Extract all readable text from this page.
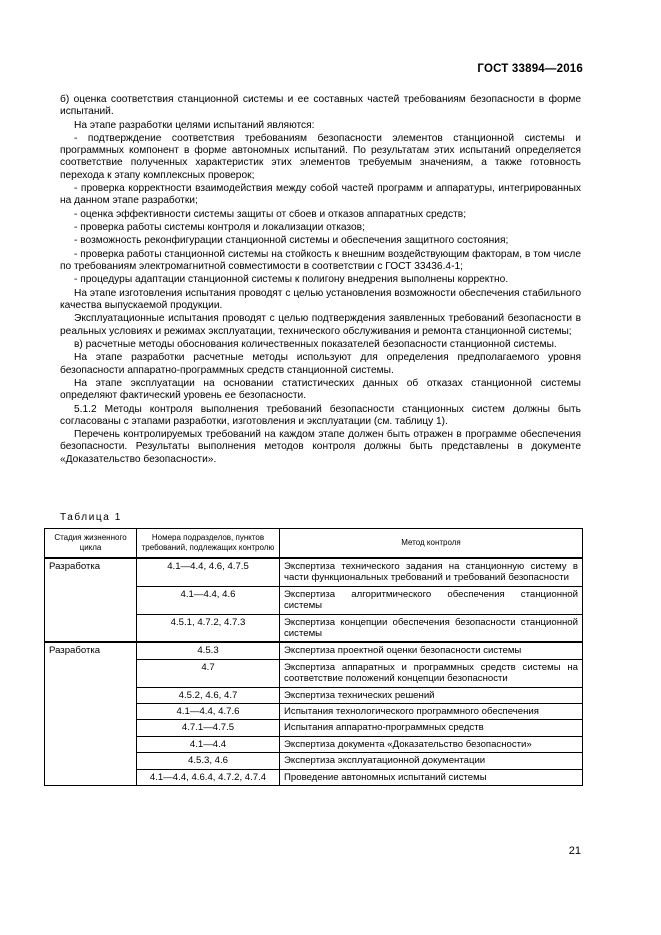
ГОСТ 33894—2016

б) оценка соответствия станционной системы и ее составных частей требованиям безопасности в форме испытаний.

На этапе разработки целями испытаний являются:

- подтверждение соответствия требованиям безопасности элементов станционной системы и программных компонент в форме автономных испытаний. По результатам этих испытаний определяется соответствие полученных характеристик этих элементов требуемым значениям, а также готовность перехода к этапу комплексных проверок;

- проверка корректности взаимодействия между собой частей программ и аппаратуры, интегрированных на данном этапе разработки;

- оценка эффективности системы защиты от сбоев и отказов аппаратных средств;

- проверка работы системы контроля и локализации отказов;

- возможность реконфигурации станционной системы и обеспечения защитного состояния;

- проверка работы станционной системы на стойкость к внешним воздействующим факторам, в том числе по требованиям электромагнитной совместимости в соответствии с ГОСТ 33436.4-1;

- процедуры адаптации станционной системы к полигону внедрения выполнены корректно.

На этапе изготовления испытания проводят с целью установления возможности обеспечения стабильного качества выпускаемой продукции.

Эксплуатационные испытания проводят с целью подтверждения заявленных требований безопасности в реальных условиях и режимах эксплуатации, технического обслуживания и ремонта станционной системы;

в) расчетные методы обоснования количественных показателей безопасности станционной системы.

На этапе разработки расчетные методы используют для определения предполагаемого уровня безопасности аппаратно-программных средств станционной системы.

На этапе эксплуатации на основании статистических данных об отказах станционной системы определяют фактический уровень ее безопасности.

5.1.2 Методы контроля выполнения требований безопасности станционных систем должны быть согласованы с этапами разработки, изготовления и эксплуатации (см. таблицу 1).

Перечень контролируемых требований на каждом этапе должен быть отражен в программе обеспечения безопасности. Результаты выполнения методов контроля должны быть представлены в документе «Доказательство безопасности».

Таблица 1
Стадия жизненного цикла	Номера подразделов, пунктов требований, подлежащих контролю	Метод контроля
Разработка	4.1—4.4, 4.6, 4.7.5	Экспертиза технического задания на станционную систему в части функциональных требований и требований безопасности
	4.1—4.4, 4.6	Экспертиза алгоритмического обеспечения станционной системы
	4.5.1, 4.7.2, 4.7.3	Экспертиза концепции обеспечения безопасности станционной системы
Разработка	4.5.3	Экспертиза проектной оценки безопасности системы
	4.7	Экспертиза аппаратных и программных средств системы на соответствие положений концепции безопасности
	4.5.2, 4.6, 4.7	Экспертиза технических решений
	4.1—4.4, 4.7.6	Испытания технологического программного обеспечения
	4.7.1—4.7.5	Испытания аппаратно-программных средств
	4.1—4.4	Экспертиза документа «Доказательство безопасности»
	4.5.3, 4.6	Экспертиза эксплуатационной документации
	4.1—4.4, 4.6.4, 4.7.2, 4.7.4	Проведение автономных испытаний системы
21
